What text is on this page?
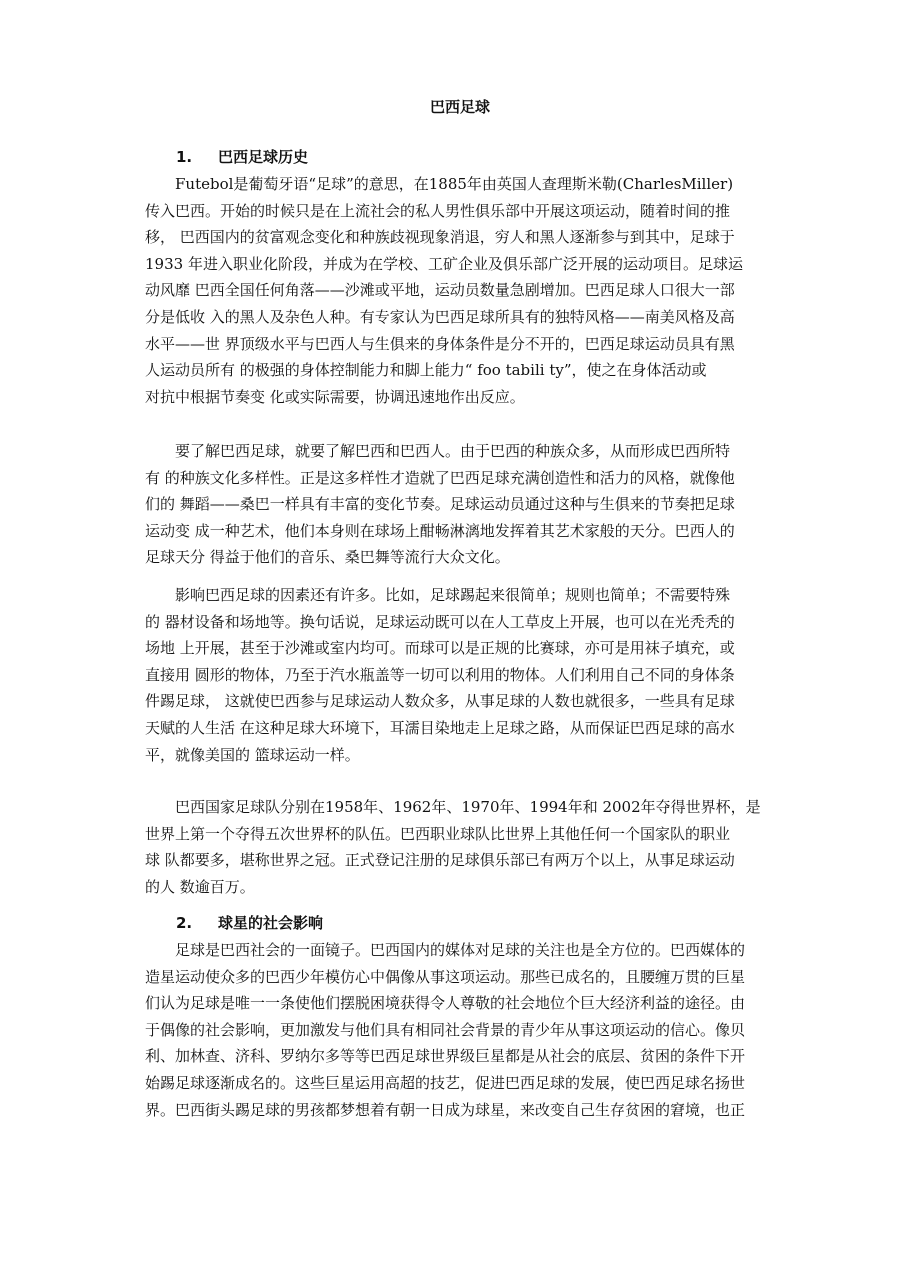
巴西足球
1. 巴西足球历史
Futebol是葡萄牙语“足球”的意思，在1885年由英国人查理斯米勒(CharlesMiller)
传入巴西。开始的时候只是在上流社会的私人男性俱乐部中开展这项运动，随着时间的推
移， 巴西国内的贫富观念变化和种族歧视现象消退，穷人和黑人逐渐参与到其中，足球于
1933 年进入职业化阶段，并成为在学校、工矿企业及俱乐部广泛开展的运动项目。足球运
动风靡 巴西全国任何角落——沙滩或平地，运动员数量急剧增加。巴西足球人口很大一部
分是低收 入的黑人及杂色人种。有专家认为巴西足球所具有的独特风格——南美风格及高
水平——世 界顶级水平与巴西人与生俱来的身体条件是分不开的，巴西足球运动员具有黑
人运动员所有 的极强的身体控制能力和脚上能力“ foo tabili ty”，使之在身体活动或
对抗中根据节奏变 化或实际需要，协调迅速地作出反应。
要了解巴西足球，就要了解巴西和巴西人。由于巴西的种族众多，从而形成巴西所特
有 的种族文化多样性。正是这多样性才造就了巴西足球充满创造性和活力的风格，就像他
们的 舞蹈——桑巴一样具有丰富的变化节奏。足球运动员通过这种与生俱来的节奏把足球
运动变 成一种艺术，他们本身则在球场上酣畅淋漓地发挥着其艺术家般的天分。巴西人的
足球天分 得益于他们的音乐、桑巴舞等流行大众文化。
影响巴西足球的因素还有许多。比如，足球踢起来很简单；规则也简单；不需要特殊
的 器材设备和场地等。换句话说，足球运动既可以在人工草皮上开展，也可以在光秃秃的
场地 上开展，甚至于沙滩或室内均可。而球可以是正规的比赛球，亦可是用袜子填充，或
直接用 圆形的物体，乃至于汽水瓶盖等一切可以利用的物体。人们利用自己不同的身体条
件踢足球， 这就使巴西参与足球运动人数众多，从事足球的人数也就很多，一些具有足球
天赋的人生活 在这种足球大环境下，耳濡目染地走上足球之路，从而保证巴西足球的高水
平，就像美国的 篮球运动一样。
巴西国家足球队分别在1958年、1962年、1970年、1994年和 2002年夺得世界杯，是
世界上第一个夺得五次世界杯的队伍。巴西职业球队比世界上其他任何一个国家队的职业
球 队都要多，堪称世界之冠。正式登记注册的足球俱乐部已有两万个以上，从事足球运动
的人 数逾百万。
2. 球星的社会影响
足球是巴西社会的一面镜子。巴西国内的媒体对足球的关注也是全方位的。巴西媒体的
造星运动使众多的巴西少年模仿心中偶像从事这项运动。那些已成名的，且腰缠万贯的巨星
们认为足球是唯一一条使他们摆脱困境获得令人尊敬的社会地位个巨大经济利益的途径。由
于偶像的社会影响，更加激发与他们具有相同社会背景的青少年从事这项运动的信心。像贝
利、加林查、济科、罗纳尔多等等巴西足球世界级巨星都是从社会的底层、贫困的条件下开
始踢足球逐渐成名的。这些巨星运用高超的技艺，促进巴西足球的发展，使巴西足球名扬世
界。巴西街头踢足球的男孩都梦想着有朝一日成为球星，来改变自己生存贫困的窘境，也正
